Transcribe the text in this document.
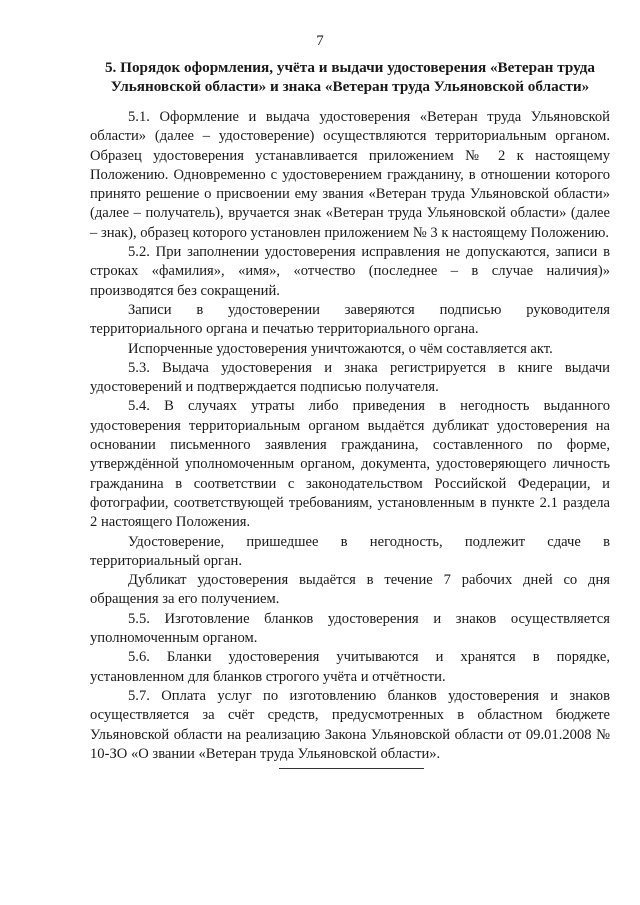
7
5. Порядок оформления, учёта и выдачи удостоверения «Ветеран труда Ульяновской области» и знака «Ветеран труда Ульяновской области»

5.1. Оформление и выдача удостоверения «Ветеран труда Ульяновской области» (далее – удостоверение) осуществляются территориальным органом. Образец удостоверения устанавливается приложением № 2 к настоящему Положению. Одновременно с удостоверением гражданину, в отношении которого принято решение о присвоении ему звания «Ветеран труда Ульяновской области» (далее – получатель), вручается знак «Ветеран труда Ульяновской области» (далее – знак), образец которого установлен приложением № 3 к настоящему Положению.

5.2. При заполнении удостоверения исправления не допускаются, записи в строках «фамилия», «имя», «отчество (последнее – в случае наличия)» производятся без сокращений.

Записи в удостоверении заверяются подписью руководителя территориального органа и печатью территориального органа.

Испорченные удостоверения уничтожаются, о чём составляется акт.

5.3. Выдача удостоверения и знака регистрируется в книге выдачи удостоверений и подтверждается подписью получателя.

5.4. В случаях утраты либо приведения в негодность выданного удостоверения территориальным органом выдаётся дубликат удостоверения на основании письменного заявления гражданина, составленного по форме, утверждённой уполномоченным органом, документа, удостоверяющего личность гражданина в соответствии с законодательством Российской Федерации, и фотографии, соответствующей требованиям, установленным в пункте 2.1 раздела 2 настоящего Положения.

Удостоверение, пришедшее в негодность, подлежит сдаче в территориальный орган.

Дубликат удостоверения выдаётся в течение 7 рабочих дней со дня обращения за его получением.

5.5. Изготовление бланков удостоверения и знаков осуществляется уполномоченным органом.

5.6. Бланки удостоверения учитываются и хранятся в порядке, установленном для бланков строгого учёта и отчётности.

5.7. Оплата услуг по изготовлению бланков удостоверения и знаков осуществляется за счёт средств, предусмотренных в областном бюджете Ульяновской области на реализацию Закона Ульяновской области от 09.01.2008 № 10-ЗО «О звании «Ветеран труда Ульяновской области».
